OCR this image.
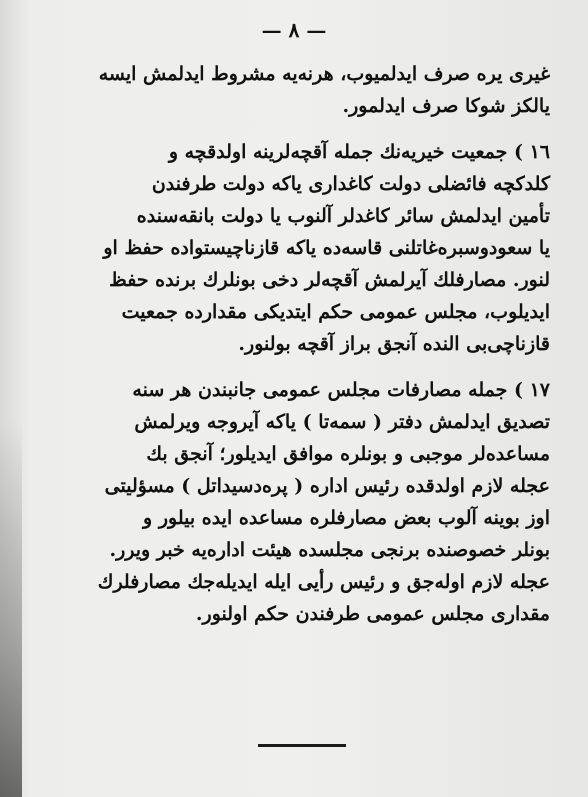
— ٨ —

غیری یره صرف ایدلمیوب، هرنه‌یه مشروط ایدلمش ایسه
یالکز شوکا صرف ایدلمور.

١٦ ) جمعیت خیریه‌نك جمله آقچه‌لرینه اولدقچه و
کلدکچه فائضلی دولت کاغداری یاکه دولت طرفندن
تأمین ایدلمش سائر کاغدلر آلنوب یا دولت بانقه‌سنده
یا سعودوسبره‌غاتلنی قاسه‌ده یاکه قازناچیستواده حفظ او
لنور. مصارفلك آیرلمش آقچه‌لر دخی بونلرك برنده حفظ
ایدیلوب، مجلس عمومی حکم ایتدیکی مقدارده جمعیت
قازناچی‌بی النده آنجق براز آقچه بولنور.

١٧ ) جمله مصارفات مجلس عمومی جانبندن هر سنه
تصدیق ایدلمش دفتر ( سمه‌تا ) یاکه آیروجه ویرلمش
مساعده‌لر موجبی و بونلره موافق ایدیلور؛ آنجق بك
عجله لازم اولدقده رئیس اداره ( پره‌دسیداتل ) مسؤلیتی
اوز بوینه آلوب بعض مصارفلره مساعده ایده بیلور و
بونلر خصوصنده برنجی مجلسده هیئت اداره‌یه خبر ویرر.
عجله لازم اوله‌جق و رئیس رأیی ایله ایدیله‌جك مصارفلرك
مقداری مجلس عمومی طرفندن حکم اولنور.
